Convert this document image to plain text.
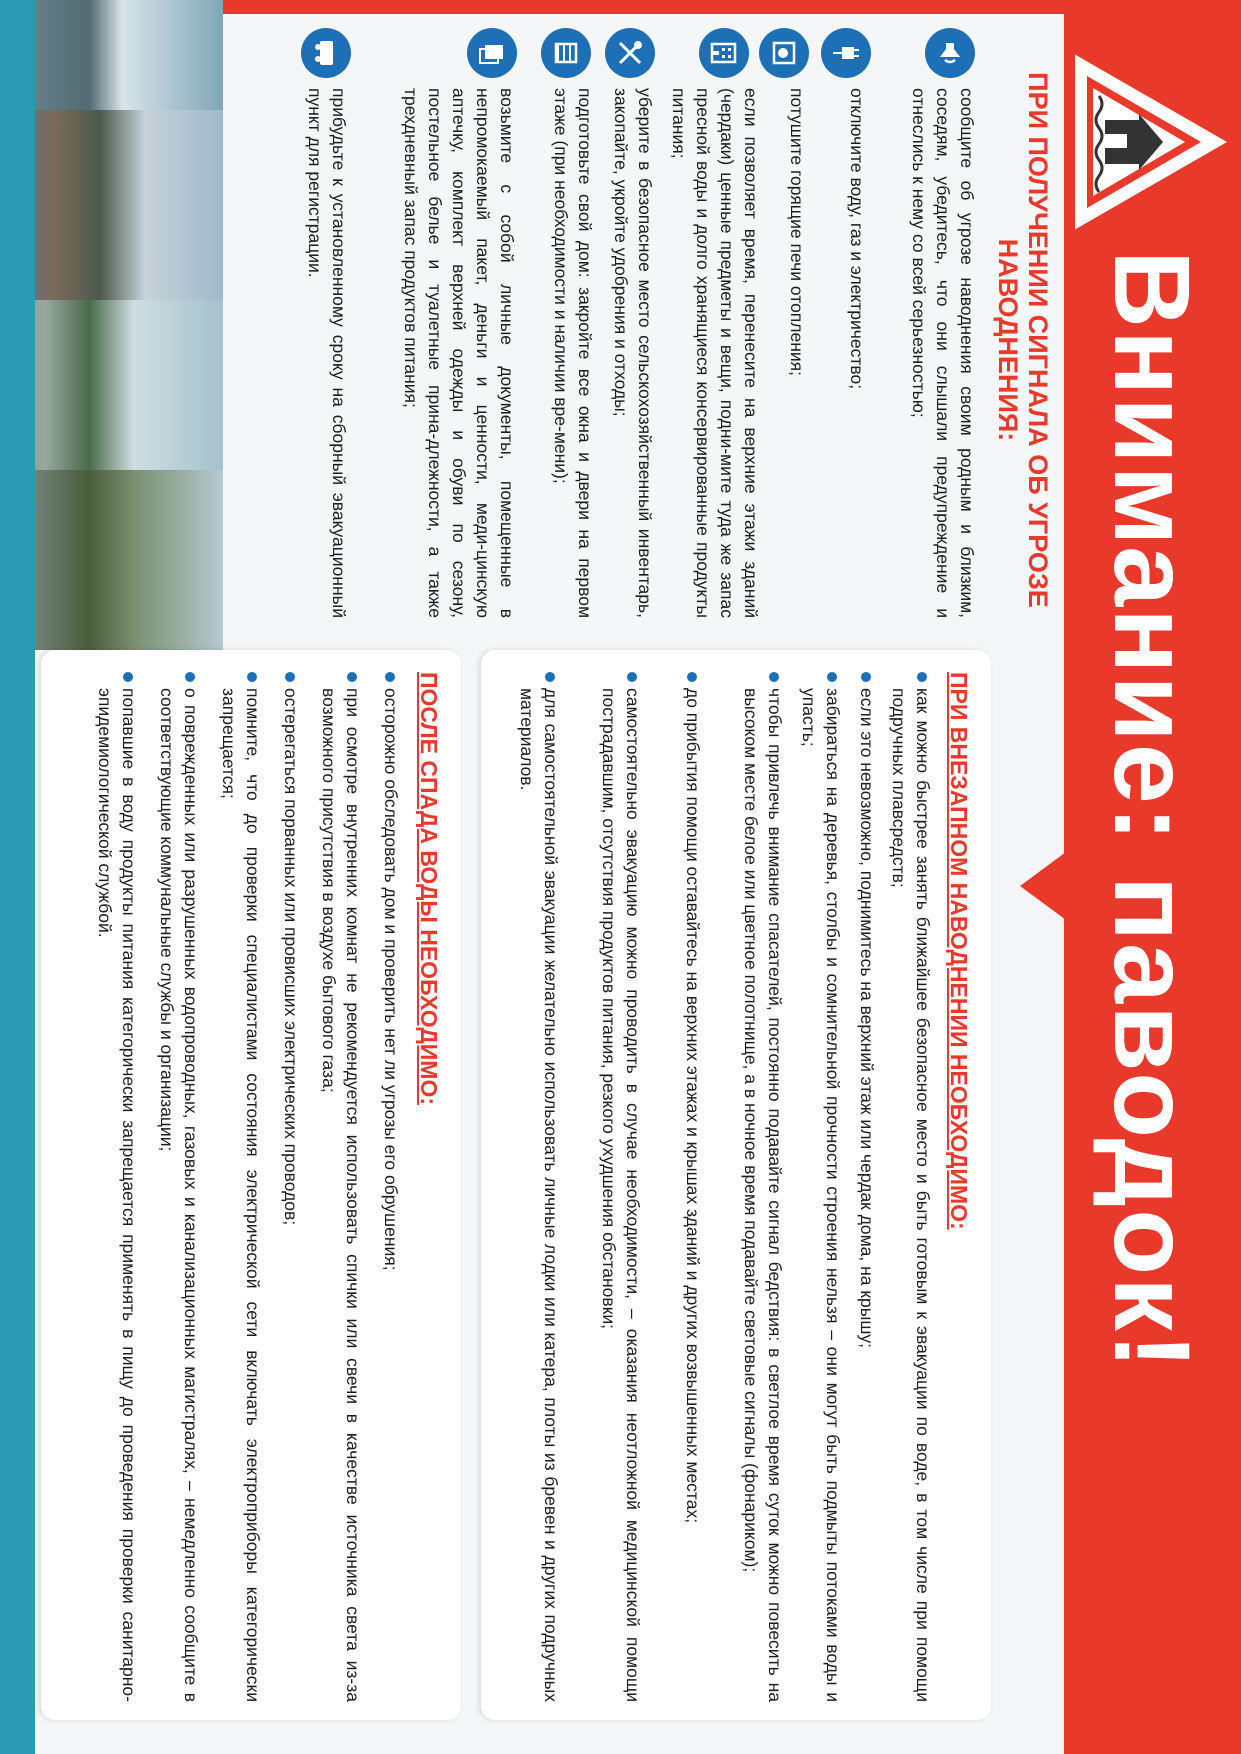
Внимание: паводок!
ПРИ ПОЛУЧЕНИИ СИГНАЛА ОБ УГРОЗЕ НАВОДНЕНИЯ:

сообщите об угрозе наводнения своим родным и близким, соседям, убедитесь, что они слышали предупреждение и отнеслись к нему со всей серьезностью;

отключите воду, газ и электричество;

потушите горящие печи отопления;

если позволяет время, перенесите на верхние этажи зданий (чердаки) ценные предметы и вещи, подни-мите туда же запас пресной воды и долго хранящиеся консервированные продукты питания;

уберите в безопасное место сельскохозяйственный инвентарь, закопайте, укройте удобрения и отходы;

подготовьте свой дом: закройте все окна и двери на первом этаже (при необходимости и наличии вре-мени);

возьмите с собой личные документы, помещенные в непромокаемый пакет, деньги и ценности, меди-цинскую аптечку, комплект верхней одежды и обуви по сезону, постельное белье и туалетные принa-длежности, а также трехдневный запас продуктов питания;

прибудьте к установленному сроку на сборный эвакуационный пункт для регистрации.

ПРИ ВНЕЗАПНОМ НАВОДНЕНИИ НЕОБХОДИМО:

как можно быстрее занять ближайшее безопасное место и быть готовым к эвакуации по воде, в том числе при помощи подручных плавсредств;

если это невозможно, поднимитесь на верхний этаж или чердак дома, на крышу;

забираться на деревья, столбы и сомнительной прочности строения нельзя – они могут быть подмыты потоками воды и упасть;

чтобы привлечь внимание спасателей, постоянно подавайте сигнал бедствия: в светлое время суток можно повесить на высоком месте белое или цветное полотнище, а в ночное время подавайте световые сигналы (фонариком);

до прибытия помощи оставайтесь на верхних этажах и крышах зданий и других возвышенных местах;

самостоятельно эвакуацию можно проводить в случае необходимости, – оказания неотложной медицинской помощи пострадавшим, отсутствия продуктов питания, резкого ухудшения обстановки;

для самостоятельной эвакуации желательно использовать личные лодки или катера, плоты из бревен и других подручных материалов.

ПОСЛЕ СПАДА ВОДЫ НЕОБХОДИМО:

осторожно обследовать дом и проверить нет ли угрозы его обрушения;

при осмотре внутренних комнат не рекомендуется использовать спички или свечи в качестве источника света из-за возможного присутствия в воздухе бытового газа;

остерегаться порванных или провисших электрических проводов;

помните, что до проверки специалистами состояния электрической сети включать электроприборы категорически запрещается;

о поврежденных или разрушенных водопроводных, газовых и канализационных магистралях, – немедленно сообщите в соответствующие коммунальные службы и организации;

попавшие в воду продукты питания категорически запрещается применять в пищу до проведения проверки санитарно-эпидемиологической службой.
